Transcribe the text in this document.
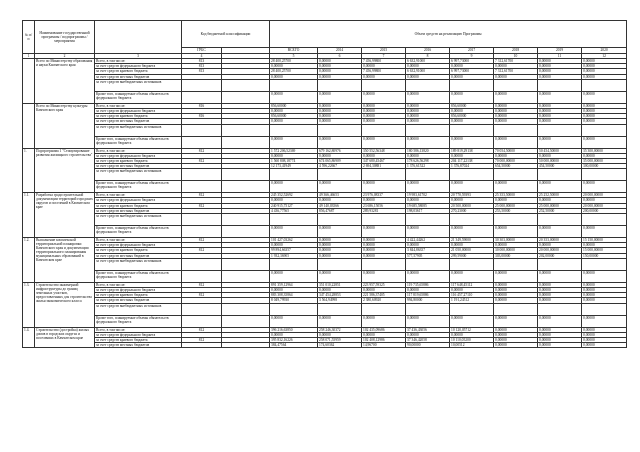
№ п/п	Наименование государственной программы / подпрограммы / мероприятия		Код бюджетной классификации		Объем средств на реализацию Программы							
			ГРБС		ВСЕГО	2014	2015	2016	2017	2018	2019	2020
1	2	3	4		5	6	7	8	9	10	11	12
	Всего по Министерству образования и науки Камчатского края	Всего, в том числе:	813		28 400,25700	0,00000	7 456,99800	6 632,91000	6 997,73000	7 312,61700	0,00000	0,00000
		за счет средств федерального бюджета	813		0,00000	0,00000	0,00000	0,00000	0,00000	0,00000	0,00000	0,00000
		за счет средств краевого бюджета	813		28 400,25700	0,00000	7 456,99800	6 632,91000	6 997,73000	7 312,61700	0,00000	0,00000
		за счет средств местных бюджетов			0,00000	0,00000	0,00000	0,00000	0,00000	0,00000	0,00000	0,00000
		за счет средств внебюджетных источников										
		Кроме того, планируемые объемы обязательств федерального бюджета			0,00000	0,00000	0,00000	0,00000	0,00000	0,00000	0,00000	0,00000
	Всего по Министерству культуры Камчатского края	Всего, в том числе:	816		856,60000	0,00000	0,00000	0,00000	856,60000	0,00000	0,00000	0,00000
		за счет средств федерального бюджета			0,00000	0,00000	0,00000	0,00000	0,00000	0,00000	0,00000	0,00000
		за счет средств краевого бюджета	816		856,60000	0,00000	0,00000	0,00000	856,60000	0,00000	0,00000	0,00000
		за счет средств местных бюджетов			0,00000	0,00000	0,00000	0,00000	0,00000	0,00000	0,00000	0,00000
		за счет средств внебюджетных источников										
		Кроме того, планируемые объемы обязательств федерального бюджета			0,00000	0,00000	0,00000	0,00000	0,00000	0,00000	0,00000	0,00000
1.	Подпрограмма 1 "Стимулирование развития жилищного строительства"	Всего, в том числе:	812		1 572 206,52369	679 162,80976	350 552,56348	180 586,13820	189 819,29138	70 054,50000	50 454,50000	35 300,00000
		за счет средств федерального бюджета			0,00000	0,00000	0,00000	0,00000	0,00000	0,00000	0,00000	0,00000
		за счет средств краевого бюджета	812		1 560 808,18774	674 065,86909	347 680,45467	178 626,56298	204 117,22138	70 000,00000	50 000,00000	35 000,00000
		за счет средств местных бюджетов			12 173,41949	4 596,22667	2 694,30881	1 376,61522	1 376,87024	654,50000	454,50000	300,00000
		за счет средств внебюджетных источников										
		Кроме того, планируемые объемы обязательств федерального бюджета			0,00000	0,00000	0,00000	0,00000	0,00000	0,00000	0,00000	0,00000
1.1.	Разработка градостроительной документации территорий городских округов и поселений в Камчатском крае	Всего, в том числе:	812		245 352,52692	49 366,46653	23 976,08337	19 983,61702	20 770,59393	25 353,50000	25 252,50000	20 000,00000
		за счет средств федерального бюджета			0,00000	0,00000	0,00000	0,00000	0,00000	0,00000	0,00000	0,00000
		за счет средств краевого бюджета	812		240 915,75127	49 140,03566	23 686,15056	19 685,58085	20 500,00000	25 000,00000	25 000,00000	20 000,00000
		за счет средств местных бюджетов			4 436,77565	856,47687	289,93281	198,03617	270,23000	253,50000	252,50000	200,00000
		за счет средств внебюджетных источников										
		Кроме того, планируемые объемы обязательств федерального бюджета			0,00000	0,00000	0,00000	0,00000	0,00000	0,00000	0,00000	0,00000
1.2.	Выполнение комплексной территориальной планировки Камчатского края и документации территориального планирования муниципальных образований в Камчатском крае	Всего, в том числе:	812		101 427,03262	0,00000	0,00000	4 422,44262	21 349,59000	30 303,00000	20 353,00000	15 150,00000
		за счет средств федерального бюджета			0,00000	0,00000	0,00000	0,00000	0,00000	0,00000	0,00000	0,00000
		за счет средств краевого бюджета	812		99 894,66357	0,00000	0,00000	3 844,86357	21 050,00000	30 000,00000	20 000,00000	15 000,00000
		за счет средств местных бюджетов			1 932,36905	0,00000	0,00000	577,57905	299,59000	303,00000	202,00000	150,00000
		за счет средств внебюджетных источников										
		Кроме того, планируемые объемы обязательств федерального бюджета			0,00000	0,00000	0,00000	0,00000	0,00000	0,00000	0,00000	0,00000
1.3.	Строительство инженерной инфраструктуры до границ земельных участков, предоставленных для строительства жилья экономического класса	Всего, в том числе:	812		891 359,12964	351 010,22851	223 957,59325	119 735,65886	117 648,45112	0,00000	0,00000	0,00000
		за счет средств федерального бюджета			0,00000	0,00000	0,00000	0,00000	0,00000	0,00000	0,00000	0,00000
		за счет средств краевого бюджета	812		883 308,35864	347 454,28853	221 586,37405	117 819,65886	116 457,27110	0,00000	0,00000	0,00000
		за счет средств местных бюджетов			8 049,79930	3 564,94998	2 380,60920	994,80000	1 191,24512	0,00000	0,00000	0,00000
		за счет средств внебюджетных источников										
		Кроме того, планируемые объемы обязательств федерального бюджета			0,00000	0,00000	0,00000	0,00000	0,00000	0,00000	0,00000	0,00000
1.4.	Строительство (достройка) жилых домов в городских округах и поселениях в Камчатском крае	Всего, в том числе:	812		396 216,63850	258 246,30372	102 435,09686	37 436,43056	10 120,05712	0,00000	0,00000	0,00000
		за счет средств федерального бюджета			0,00000	0,00000	0,00000	0,00000	0,00000	0,00000	0,00000	0,00000
		за счет средств краевого бюджета	812		395 832,16226	258 071,55959	102 408,12986	37 346,42058	10 110,05200	0,00000	0,00000	0,00000
		за счет средств местных бюджетов			384,47564	174,60362	14,96700	90,00000	10,00512	0,00000	0,00000	0,00000
